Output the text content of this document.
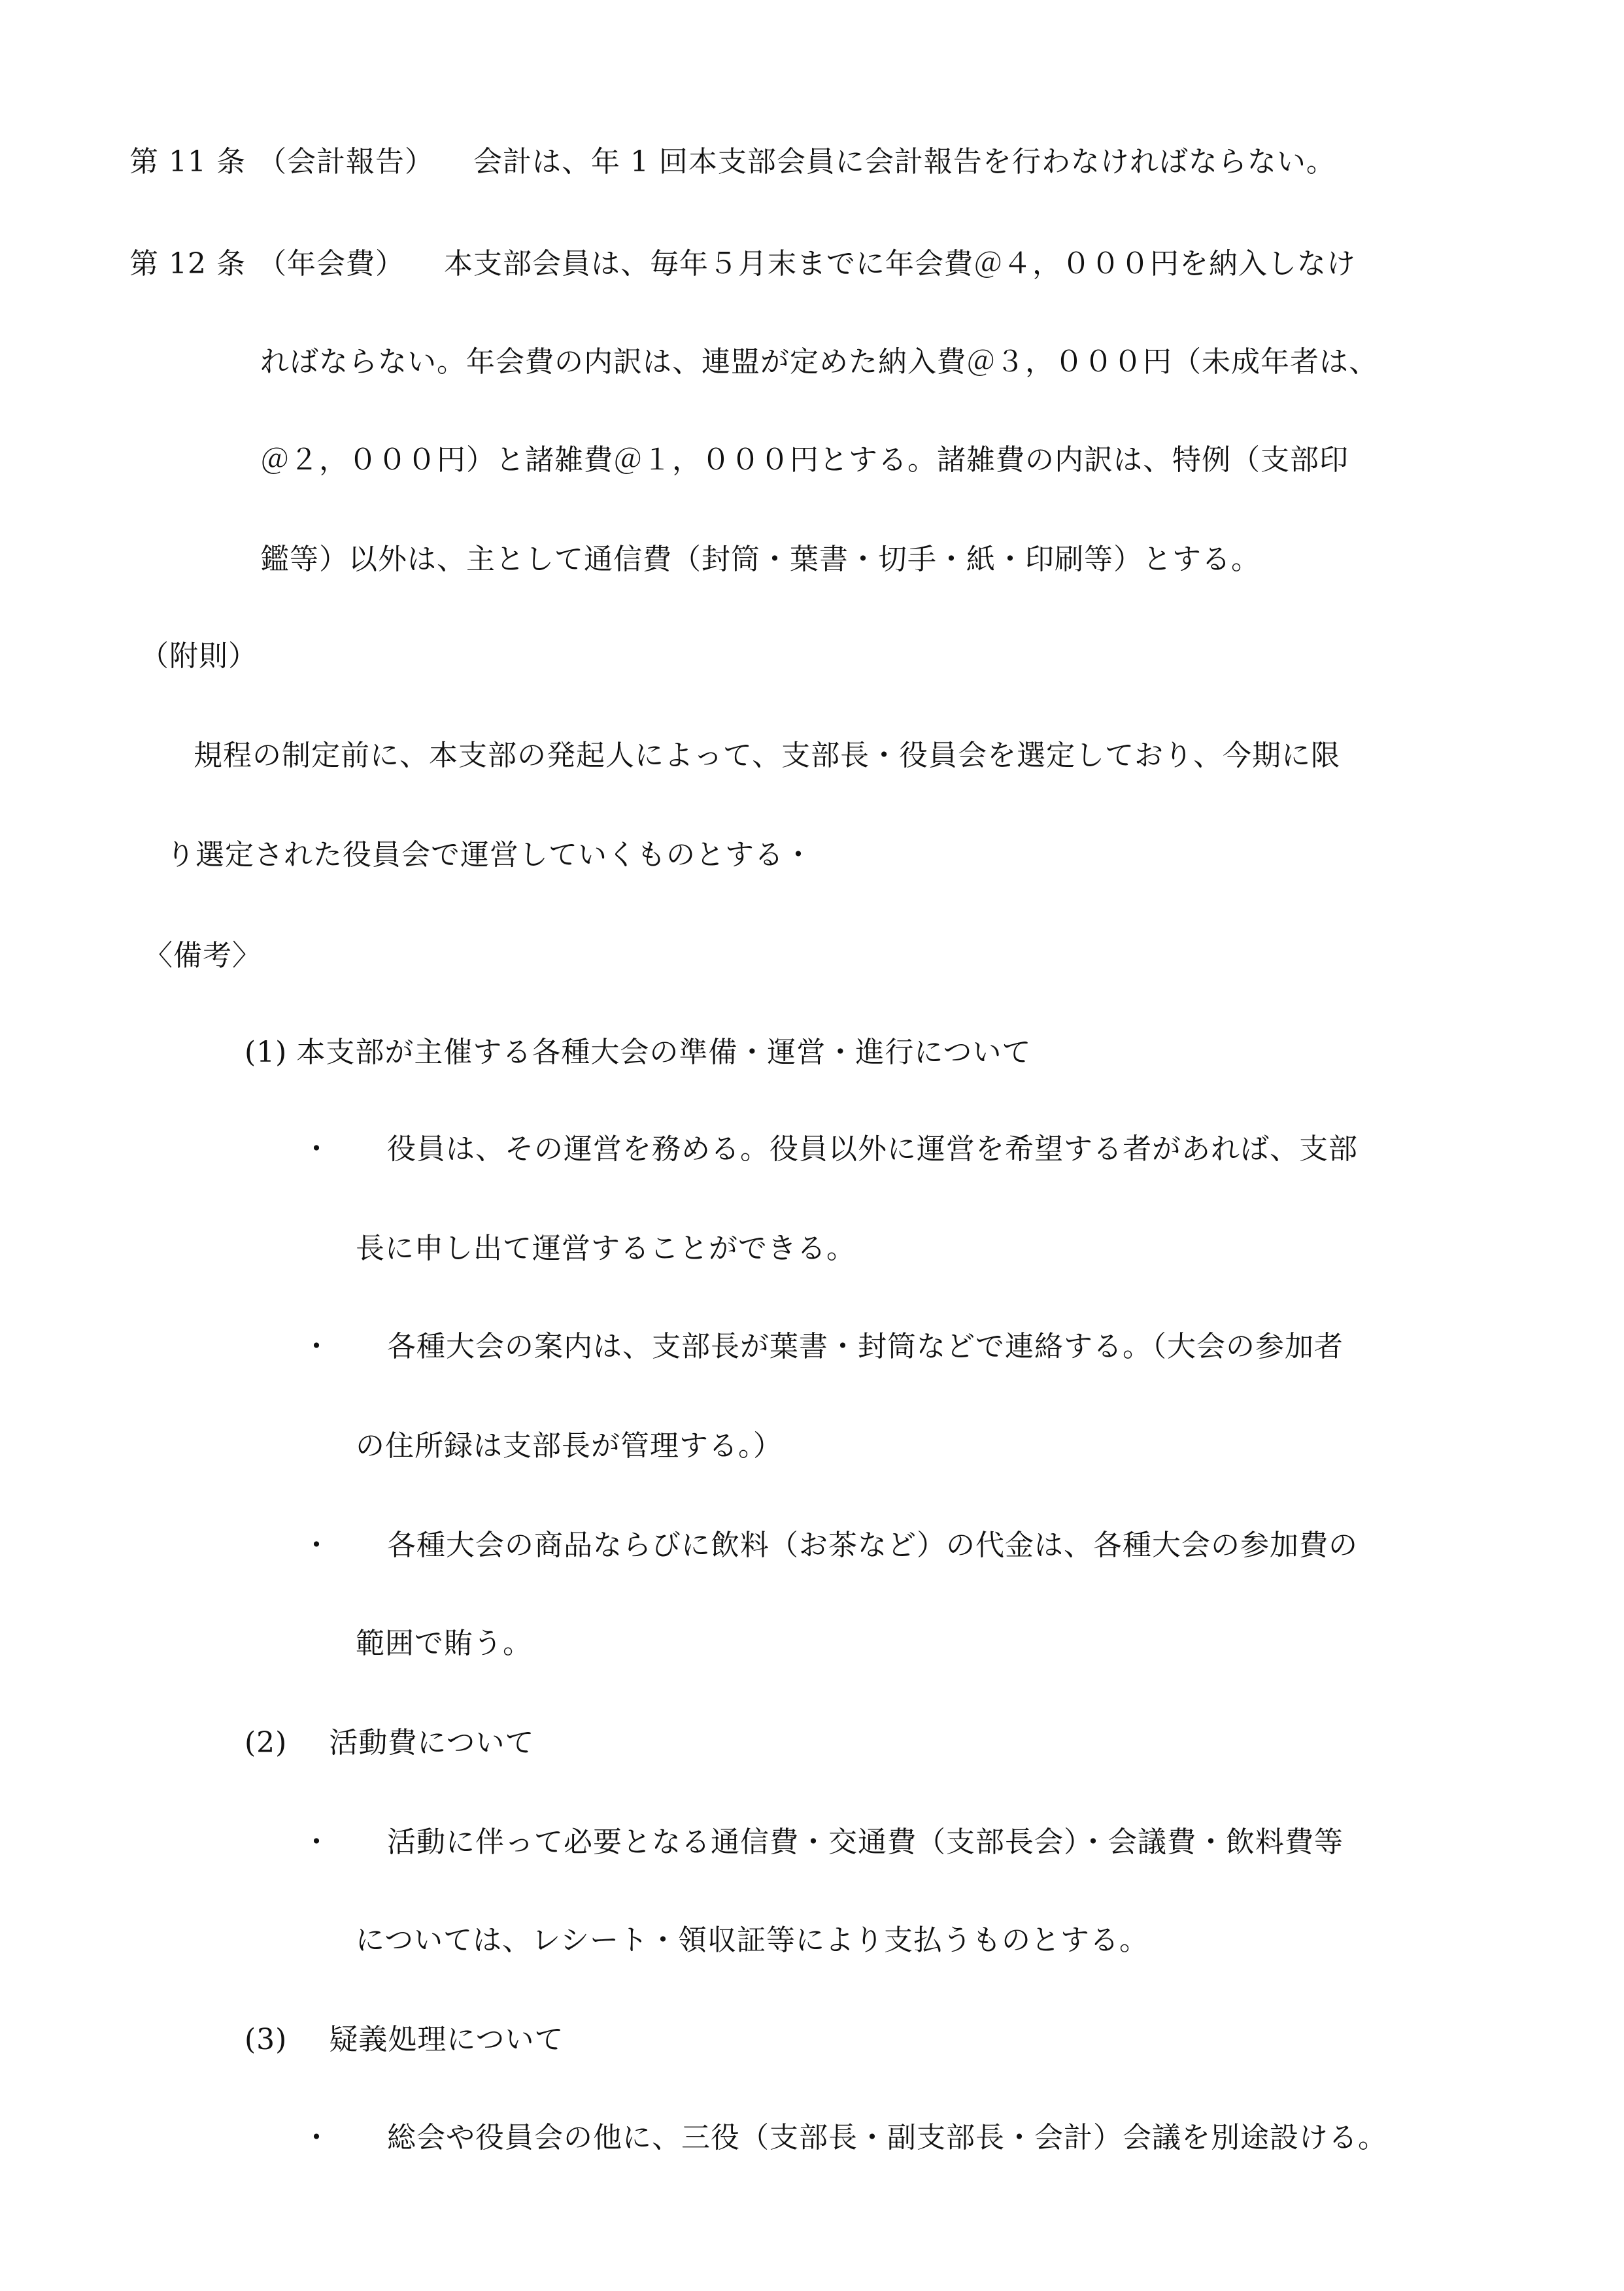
第 11 条 （会計報告） 会計は、年 1 回本支部会員に会計報告を行わなければならない。
第 12 条 （年会費） 本支部会員は、毎年５月末までに年会費＠４，０００円を納入しなけ
ればならない。年会費の内訳は、連盟が定めた納入費＠３，０００円（未成年者は、
＠２，０００円）と諸雑費＠１，０００円とする。諸雑費の内訳は、特例（支部印
鑑等）以外は、主として通信費（封筒・葉書・切手・紙・印刷等）とする。
（附則）
規程の制定前に、本支部の発起人によって、支部長・役員会を選定しており、今期に限
り選定された役員会で運営していくものとする・
〈備考〉
(1) 本支部が主催する各種大会の準備・運営・進行について
・ 役員は、その運営を務める。役員以外に運営を希望する者があれば、支部
長に申し出て運営することができる。
・ 各種大会の案内は、支部長が葉書・封筒などで連絡する。（大会の参加者
の住所録は支部長が管理する。）
・ 各種大会の商品ならびに飲料（お茶など）の代金は、各種大会の参加費の
範囲で賄う。
(2) 活動費について
・ 活動に伴って必要となる通信費・交通費（支部長会）・会議費・飲料費等
については、レシート・領収証等により支払うものとする。
(3) 疑義処理について
・ 総会や役員会の他に、三役（支部長・副支部長・会計）会議を別途設ける。
